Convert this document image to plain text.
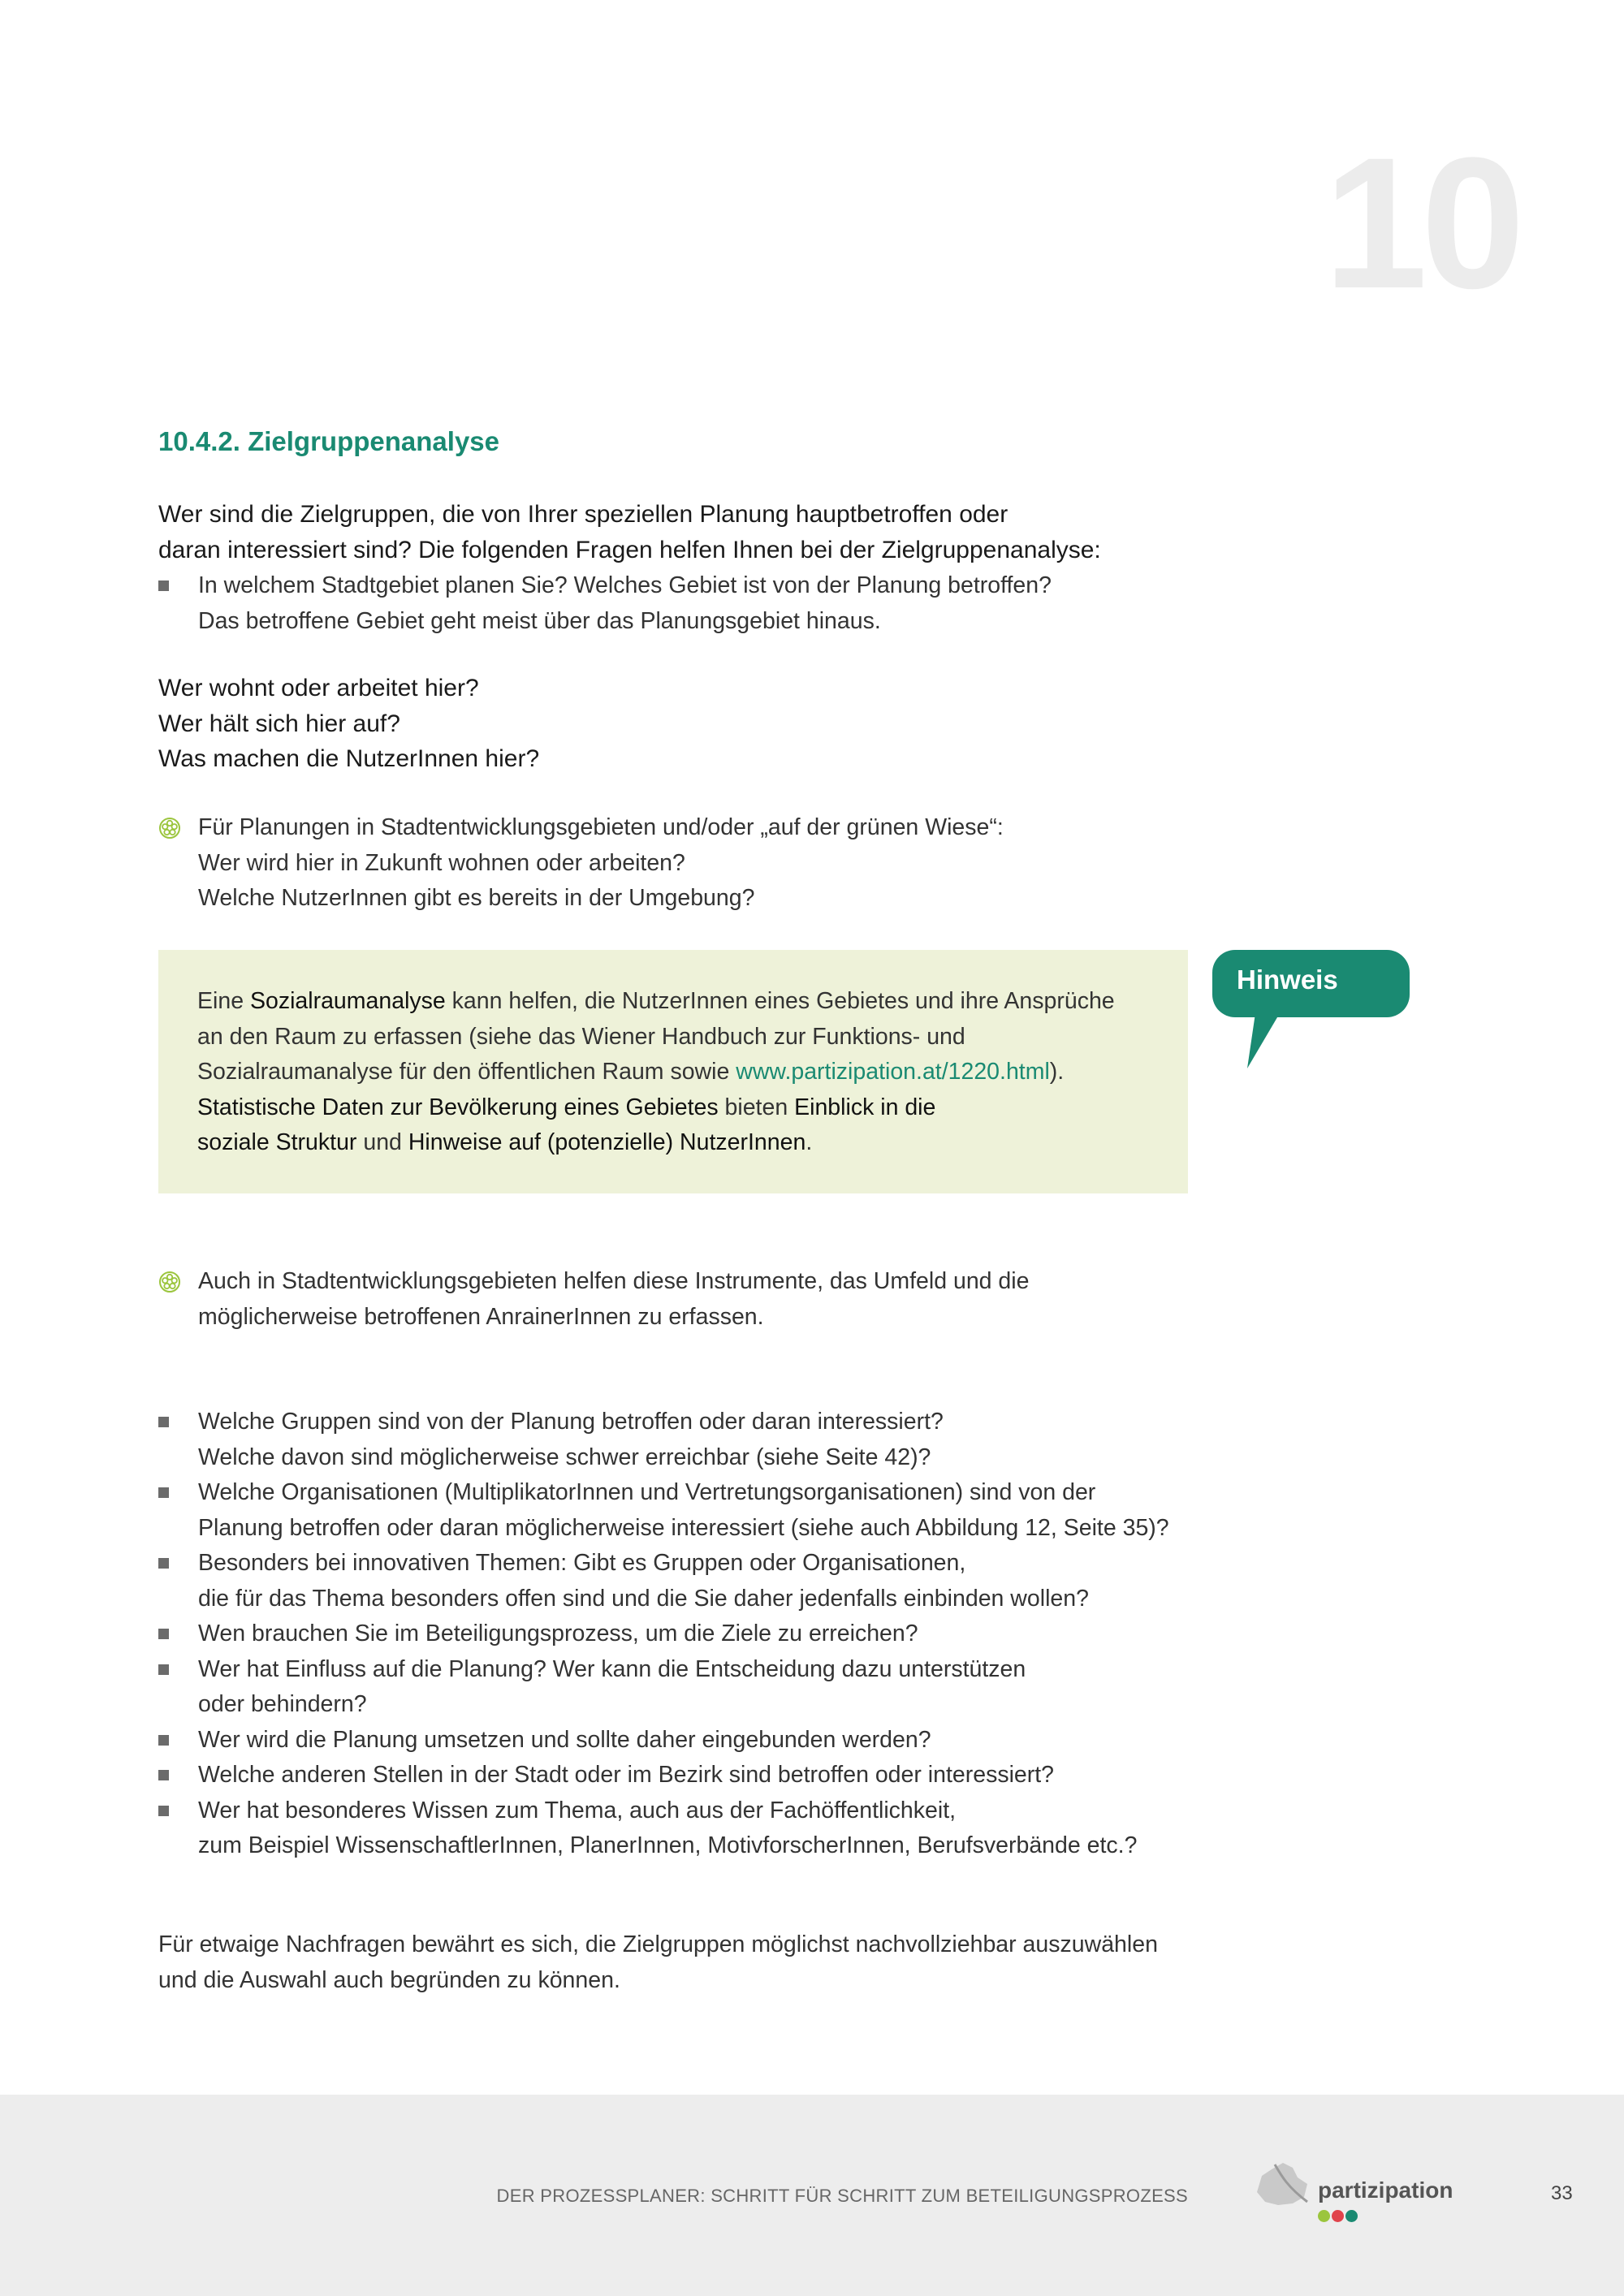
10
10.4.2. Zielgruppenanalyse

Wer sind die Zielgruppen, die von Ihrer speziellen Planung hauptbetroffen oder
daran interessiert sind? Die folgenden Fragen helfen Ihnen bei der Zielgruppenanalyse:

In welchem Stadtgebiet planen Sie? Welches Gebiet ist von der Planung betroffen?
Das betroffene Gebiet geht meist über das Planungsgebiet hinaus.
Wer wohnt oder arbeitet hier?
Wer hält sich hier auf?
Was machen die NutzerInnen hier?
Für Planungen in Stadtentwicklungsgebieten und/oder „auf der grünen Wiese“:
Wer wird hier in Zukunft wohnen oder arbeiten?
Welche NutzerInnen gibt es bereits in der Umgebung?
Eine Sozialraumanalyse kann helfen, die NutzerInnen eines Gebietes und ihre Ansprüche
an den Raum zu erfassen (siehe das Wiener Handbuch zur Funktions- und
Sozialraumanalyse für den öffentlichen Raum sowie www.partizipation.at/1220.html).
Statistische Daten zur Bevölkerung eines Gebietes bieten Einblick in die
soziale Struktur und Hinweise auf (potenzielle) NutzerInnen.
Hinweis
Auch in Stadtentwicklungsgebieten helfen diese Instrumente, das Umfeld und die
möglicherweise betroffenen AnrainerInnen zu erfassen.
Welche Gruppen sind von der Planung betroffen oder daran interessiert?
Welche davon sind möglicherweise schwer erreichbar (siehe Seite 42)?
Welche Organisationen (MultiplikatorInnen und Vertretungsorganisationen) sind von der
Planung betroffen oder daran möglicherweise interessiert (siehe auch Abbildung 12, Seite 35)?
Besonders bei innovativen Themen: Gibt es Gruppen oder Organisationen,
die für das Thema besonders offen sind und die Sie daher jedenfalls einbinden wollen?
Wen brauchen Sie im Beteiligungsprozess, um die Ziele zu erreichen?
Wer hat Einfluss auf die Planung? Wer kann die Entscheidung dazu unterstützen
oder behindern?
Wer wird die Planung umsetzen und sollte daher eingebunden werden?
Welche anderen Stellen in der Stadt oder im Bezirk sind betroffen oder interessiert?
Wer hat besonderes Wissen zum Thema, auch aus der Fachöffentlichkeit,
zum Beispiel WissenschaftlerInnen, PlanerInnen, MotivforscherInnen, Berufsverbände etc.?

Für etwaige Nachfragen bewährt es sich, die Zielgruppen möglichst nachvollziehbar auszuwählen
und die Auswahl auch begründen zu können.

DER PROZESSPLANER: SCHRITT FÜR SCHRITT ZUM BETEILIGUNGSPROZESS	partizipation	33
